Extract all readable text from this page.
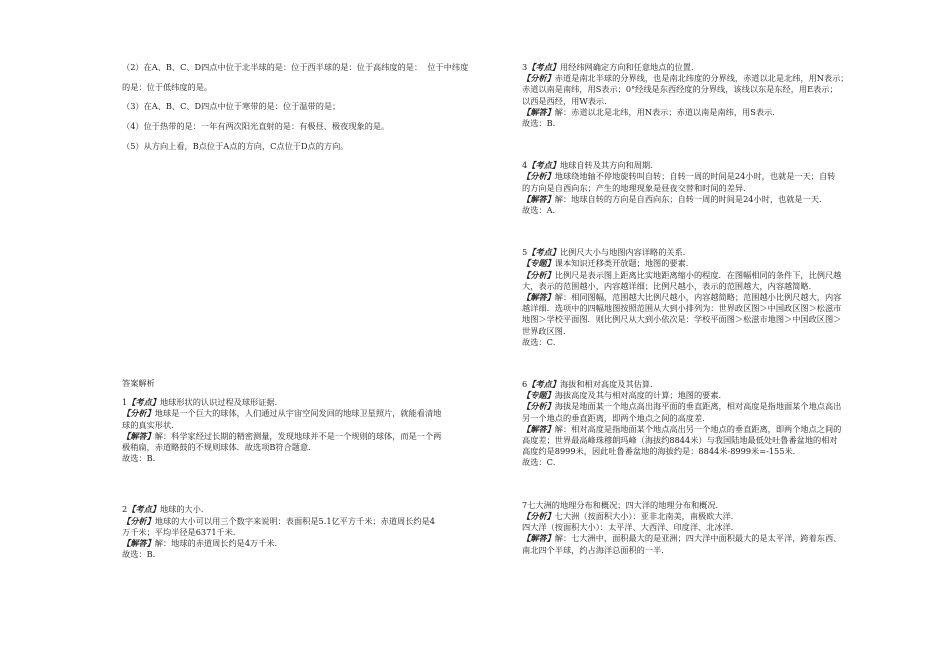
（2）在A、B、C、D四点中位于北半球的是：位于西半球的是：位于高纬度的是：  位于中纬度
的是：位于低纬度的是。
（3）在A、B、C、D四点中位于寒带的是：位于温带的是；
（4）位于热带的是：一年有两次阳光直射的是：有极昼、极夜现象的是。
（5）从方向上看，B点位于A点的方向，C点位于D点的方向。
答案解析
1【考点】地球形状的认识过程及球形证据．
【分析】地球是一个巨大的球体，人们通过从宇宙空间发回的地球卫星照片，就能看清地
球的真实形状．
【解答】解：科学家经过长期的精密测量，发现地球并不是一个规则的球体，而是一个两
极稍扁，赤道略鼓的不规则球体．故选项B符合题意．
故选：B．
2【考点】地球的大小．
【分析】地球的大小可以用三个数字来说明：表面积是5.1亿平方千米；赤道周长约是4
万千米；平均半径是6371千米．
【解答】解：地球的赤道周长约是4万千米．
故选：B．
3【考点】用经纬网确定方向和任意地点的位置．
【分析】赤道是南北半球的分界线，也是南北纬度的分界线，赤道以北是北纬，用N表示；
赤道以南是南纬，用S表示；0°经线是东西经度的分界线，该线以东是东经，用E表示；
以西是西经，用W表示．
【解答】解：赤道以北是北纬，用N表示；赤道以南是南纬，用S表示．
故选：B．
4【考点】地球自转及其方向和周期．
【分析】地球绕地轴不停地旋转叫自转；自转一周的时间是24小时，也就是一天；自转
的方向是自西向东；产生的地理现象是昼夜交替和时间的差异．
【解答】解：地球自转的方向是自西向东；自转一周的时间是24小时，也就是一天．
故选：A．
5【考点】比例尺大小与地图内容详略的关系．
【专题】课本知识迁移类开放题；地图的要素．
【分析】比例尺是表示图上距离比实地距离缩小的程度．在图幅相同的条件下，比例尺越
大，表示的范围越小，内容越详细；比例尺越小，表示的范围越大，内容越简略．
【解答】解：相同图幅，范围越大比例尺越小，内容越简略；范围越小比例尺越大，内容
越详细．选项中的四幅地图按照范围从大到小排列为：世界政区图＞中国政区图＞松滋市
地图＞学校平面图．则比例尺从大到小依次是：学校平面图＞松滋市地图＞中国政区图＞
世界政区图．
故选：C．
6【考点】海拔和相对高度及其估算．
【专题】海拔高度及其与相对高度的计算；地图的要素．
【分析】海拔是地面某一个地点高出海平面的垂直距离，相对高度是指地面某个地点高出
另一个地点的垂直距离，即两个地点之间的高度差．
【解答】解：相对高度是指地面某个地点高出另一个地点的垂直距离，即两个地点之间的
高度差；世界最高峰珠穆朗玛峰（海拔约8844米）与我国陆地最低处吐鲁番盆地的相对
高度约是8999米，因此吐鲁番盆地的海拔约是：8844米-8999米=-155米．
故选：C．
7七大洲的地理分布和概况；四大洋的地理分布和概况．
【分析】七大洲（按面积大小）：亚非北南美，南极欧大洋．
四大洋（按面积大小）：太平洋、大西洋、印度洋、北冰洋．
【解答】解：七大洲中，面积最大的是亚洲；四大洋中面积最大的是太平洋，跨着东西、
南北四个半球，约占海洋总面积的一半．
